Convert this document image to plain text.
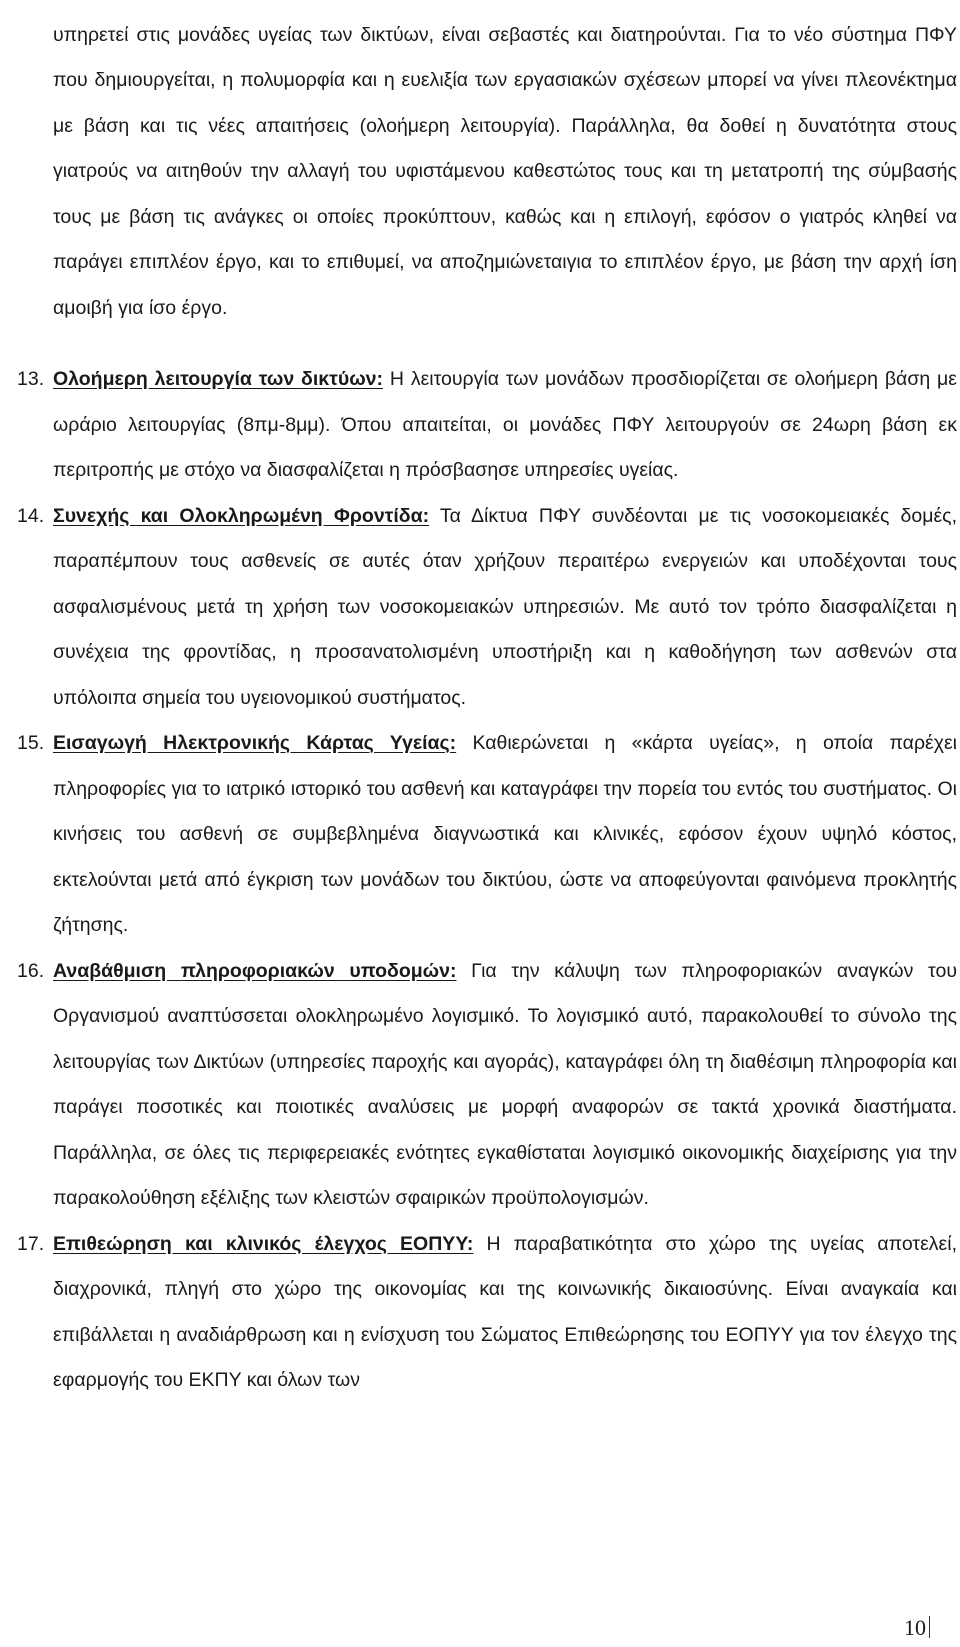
υπηρετεί στις μονάδες υγείας των δικτύων, είναι σεβαστές και διατηρούνται. Για το νέο σύστημα ΠΦΥ που δημιουργείται, η πολυμορφία και η ευελιξία των εργασιακών σχέσεων μπορεί να γίνει πλεονέκτημα με βάση και τις νέες απαιτήσεις (ολοήμερη λειτουργία). Παράλληλα, θα δοθεί η δυνατότητα στους γιατρούς να αιτηθούν την αλλαγή του υφιστάμενου καθεστώτος τους και τη μετατροπή της σύμβασής τους με βάση τις ανάγκες οι οποίες προκύπτουν, καθώς και η επιλογή, εφόσον ο γιατρός κληθεί να παράγει επιπλέον έργο, και το επιθυμεί, να αποζημιώνεταιγια το επιπλέον έργο, με βάση την αρχή ίση αμοιβή για ίσο έργο.

13. Ολοήμερη λειτουργία των δικτύων: Η λειτουργία των μονάδων προσδιορίζεται σε ολοήμερη βάση με ωράριο λειτουργίας (8πμ-8μμ). Όπου απαιτείται, οι μονάδες ΠΦΥ λειτουργούν σε 24ωρη βάση εκ περιτροπής με στόχο να διασφαλίζεται η πρόσβασησε υπηρεσίες υγείας.

14. Συνεχής και Ολοκληρωμένη Φροντίδα: Τα Δίκτυα ΠΦΥ συνδέονται με τις νοσοκομειακές δομές, παραπέμπουν τους ασθενείς σε αυτές όταν χρήζουν περαιτέρω ενεργειών και υποδέχονται τους ασφαλισμένους μετά τη χρήση των νοσοκομειακών υπηρεσιών. Με αυτό τον τρόπο διασφαλίζεται η συνέχεια της φροντίδας, η προσανατολισμένη υποστήριξη και η καθοδήγηση των ασθενών στα υπόλοιπα σημεία του υγειονομικού συστήματος.

15. Εισαγωγή Ηλεκτρονικής Κάρτας Υγείας: Καθιερώνεται η «κάρτα υγείας», η οποία παρέχει πληροφορίες για το ιατρικό ιστορικό του ασθενή και καταγράφει την πορεία του εντός του συστήματος. Οι κινήσεις του ασθενή σε συμβεβλημένα διαγνωστικά και κλινικές, εφόσον έχουν υψηλό κόστος, εκτελούνται μετά από έγκριση των μονάδων του δικτύου, ώστε να αποφεύγονται φαινόμενα προκλητής ζήτησης.

16. Αναβάθμιση πληροφοριακών υποδομών: Για την κάλυψη των πληροφοριακών αναγκών του Οργανισμού αναπτύσσεται ολοκληρωμένο λογισμικό. Το λογισμικό αυτό, παρακολουθεί το σύνολο της λειτουργίας των Δικτύων (υπηρεσίες παροχής και αγοράς), καταγράφει όλη τη διαθέσιμη πληροφορία και παράγει ποσοτικές και ποιοτικές αναλύσεις με μορφή αναφορών σε τακτά χρονικά διαστήματα. Παράλληλα, σε όλες τις περιφερειακές ενότητες εγκαθίσταται λογισμικό οικονομικής διαχείρισης για την παρακολούθηση εξέλιξης των κλειστών σφαιρικών προϋπολογισμών.

17. Επιθεώρηση και κλινικός έλεγχος ΕΟΠΥΥ: Η παραβατικότητα στο χώρο της υγείας αποτελεί, διαχρονικά, πληγή στο χώρο της οικονομίας και της κοινωνικής δικαιοσύνης. Είναι αναγκαία και επιβάλλεται η αναδιάρθρωση και η ενίσχυση του Σώματος Επιθεώρησης του ΕΟΠΥΥ για τον έλεγχο της εφαρμογής του ΕΚΠΥ και όλων των

10
